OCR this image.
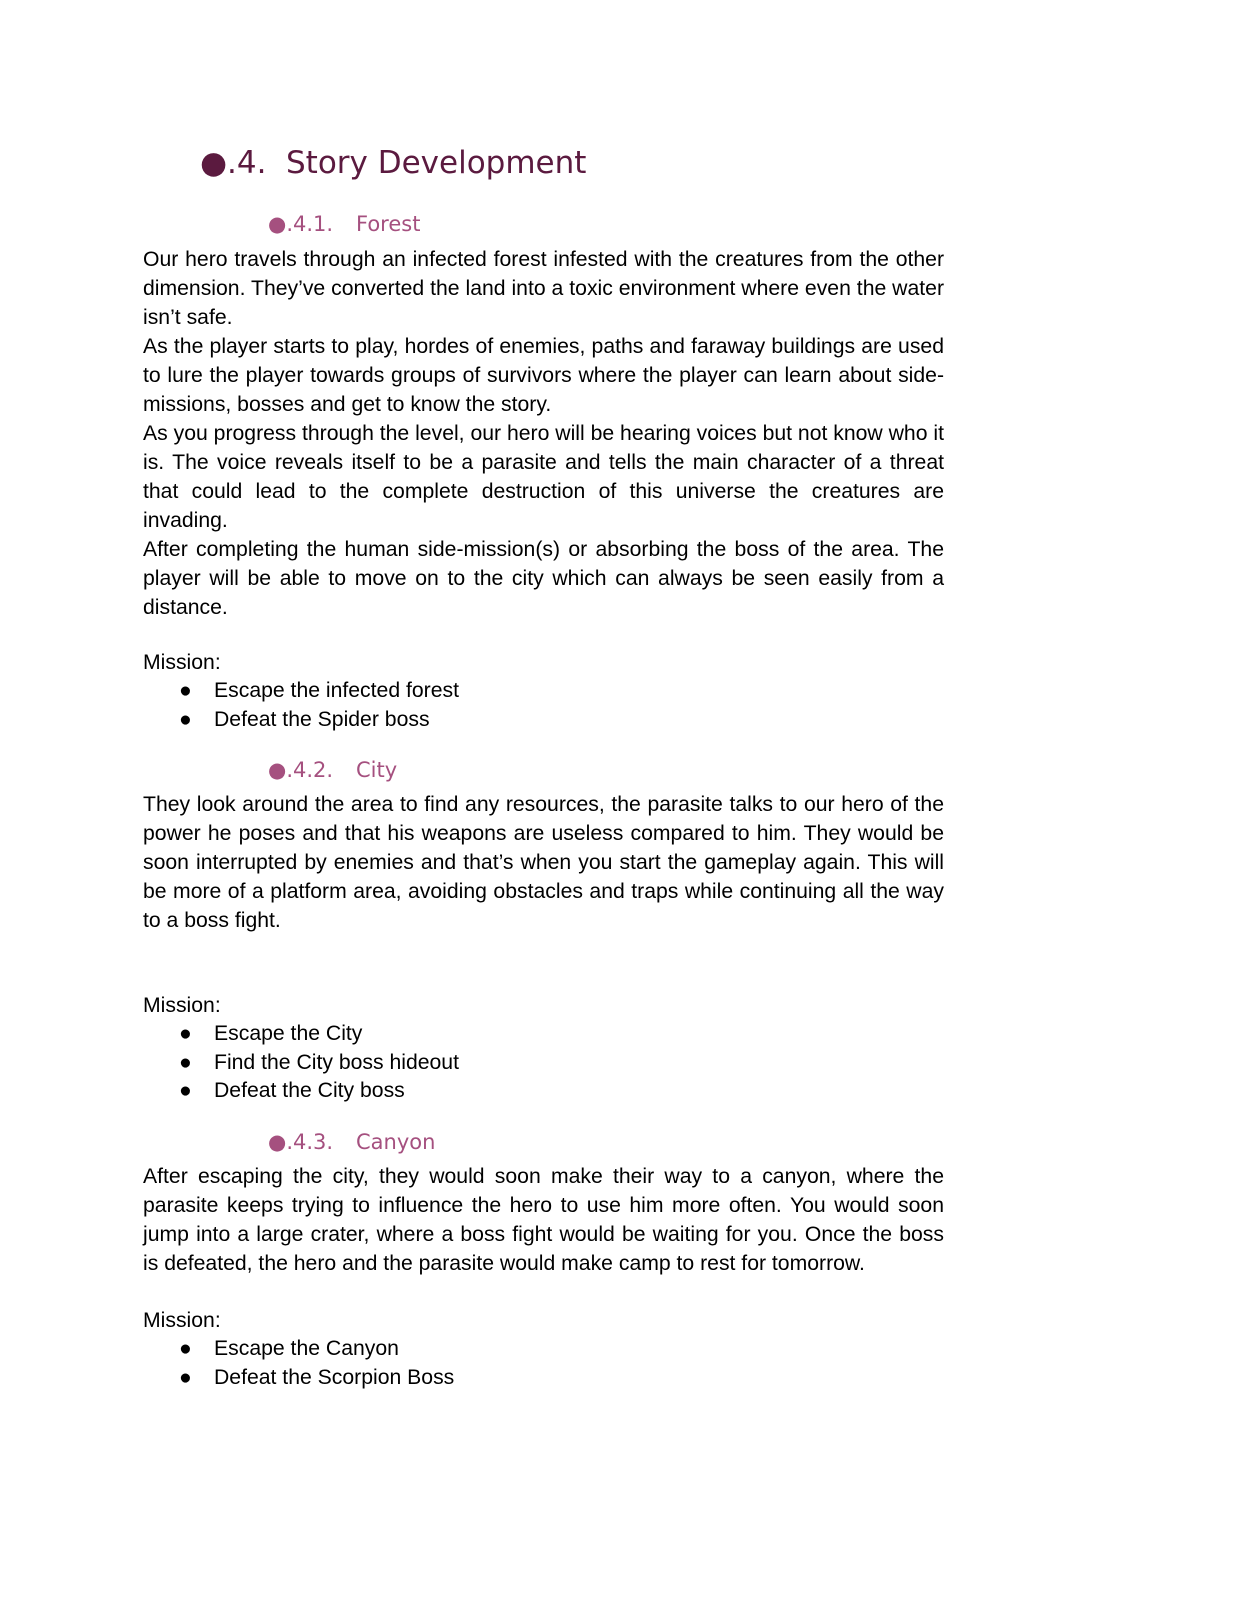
●.4. Story Development
●.4.1.	Forest

Our hero travels through an infected forest infested with the creatures from the other dimension. They’ve converted the land into a toxic environment where even the water isn’t safe.

As the player starts to play, hordes of enemies, paths and faraway buildings are used to lure the player towards groups of survivors where the player can learn about side-missions, bosses and get to know the story.

As you progress through the level, our hero will be hearing voices but not know who it is. The voice reveals itself to be a parasite and tells the main character of a threat that could lead to the complete destruction of this universe the creatures are invading.

After completing the human side-mission(s) or absorbing the boss of the area. The player will be able to move on to the city which can always be seen easily from a distance.

Mission:
● Escape the infected forest
● Defeat the Spider boss
●.4.2.	City

They look around the area to find any resources, the parasite talks to our hero of the power he poses and that his weapons are useless compared to him. They would be soon interrupted by enemies and that’s when you start the gameplay again. This will be more of a platform area, avoiding obstacles and traps while continuing all the way to a boss fight.

Mission:
● Escape the City
● Find the City boss hideout
● Defeat the City boss
●.4.3.	Canyon

After escaping the city, they would soon make their way to a canyon, where the parasite keeps trying to influence the hero to use him more often. You would soon jump into a large crater, where a boss fight would be waiting for you. Once the boss is defeated, the hero and the parasite would make camp to rest for tomorrow.

Mission:
● Escape the Canyon
● Defeat the Scorpion Boss
